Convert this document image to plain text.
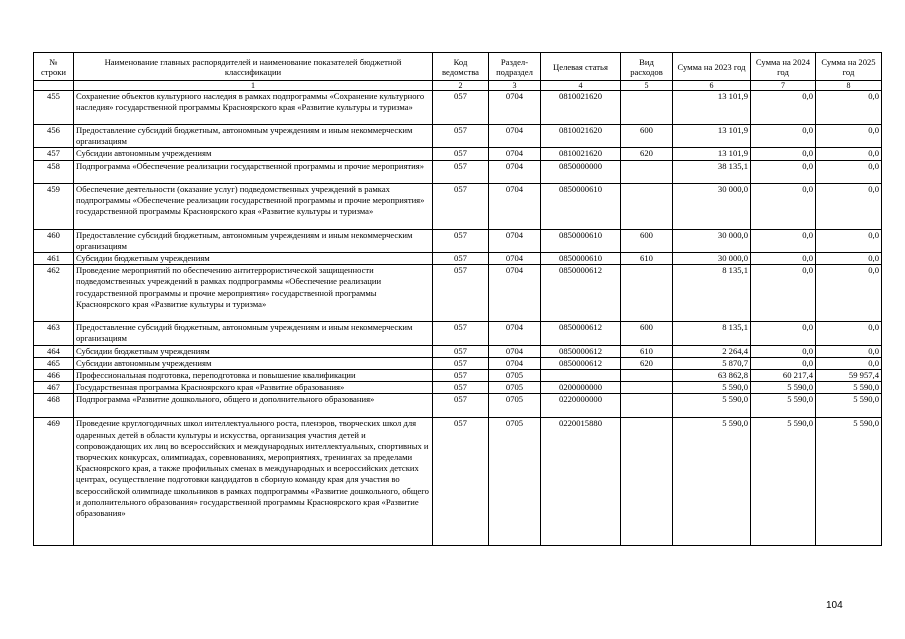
№ строки	Наименование главных распорядителей и наименование показателей бюджетной классификации	Код ведомства	Раздел-подраздел	Целевая статья	Вид расходов	Сумма на 2023 год	Сумма на 2024 год	Сумма на 2025 год
	1	2	3	4	5	6	7	8
455	Сохранение объектов культурного наследия в рамках подпрограммы «Сохранение культурного наследия» государственной программы Красноярского края «Развитие культуры и туризма»	057	0704	0810021620		13 101,9	0,0	0,0
456	Предоставление субсидий бюджетным, автономным учреждениям и иным некоммерческим организациям	057	0704	0810021620	600	13 101,9	0,0	0,0
457	Субсидии автономным учреждениям	057	0704	0810021620	620	13 101,9	0,0	0,0
458	Подпрограмма «Обеспечение реализации государственной программы и прочие мероприятия»	057	0704	0850000000		38 135,1	0,0	0,0
459	Обеспечение деятельности (оказание услуг) подведомственных учреждений в рамках подпрограммы «Обеспечение реализации государственной программы и прочие мероприятия» государственной программы Красноярского края «Развитие культуры и туризма»	057	0704	0850000610		30 000,0	0,0	0,0
460	Предоставление субсидий бюджетным, автономным учреждениям и иным некоммерческим организациям	057	0704	0850000610	600	30 000,0	0,0	0,0
461	Субсидии бюджетным учреждениям	057	0704	0850000610	610	30 000,0	0,0	0,0
462	Проведение мероприятий по обеспечению антитеррористической защищенности подведомственных учреждений в рамках подпрограммы «Обеспечение реализации государственной программы и прочие мероприятия» государственной программы Красноярского края «Развитие культуры и туризма»	057	0704	0850000612		8 135,1	0,0	0,0
463	Предоставление субсидий бюджетным, автономным учреждениям и иным некоммерческим организациям	057	0704	0850000612	600	8 135,1	0,0	0,0
464	Субсидии бюджетным учреждениям	057	0704	0850000612	610	2 264,4	0,0	0,0
465	Субсидии автономным учреждениям	057	0704	0850000612	620	5 870,7	0,0	0,0
466	Профессиональная подготовка, переподготовка и повышение квалификации	057	0705			63 862,8	60 217,4	59 957,4
467	Государственная программа Красноярского края «Развитие образования»	057	0705	0200000000		5 590,0	5 590,0	5 590,0
468	Подпрограмма «Развитие дошкольного, общего и дополнительного образования»	057	0705	0220000000		5 590,0	5 590,0	5 590,0
469	Проведение круглогодичных школ интеллектуального роста, пленэров, творческих школ для одаренных детей в области культуры и искусства, организация участия детей и сопровождающих их лиц во всероссийских и международных интеллектуальных, спортивных и творческих конкурсах, олимпиадах, соревнованиях, мероприятиях, тренингах за пределами Красноярского края, а также профильных сменах в международных и всероссийских детских центрах, осуществление подготовки кандидатов в сборную команду края для участия во всероссийской олимпиаде школьников в рамках подпрограммы «Развитие дошкольного, общего и дополнительного образования» государственной программы Красноярского края «Развитие образования»	057	0705	0220015880		5 590,0	5 590,0	5 590,0
104
